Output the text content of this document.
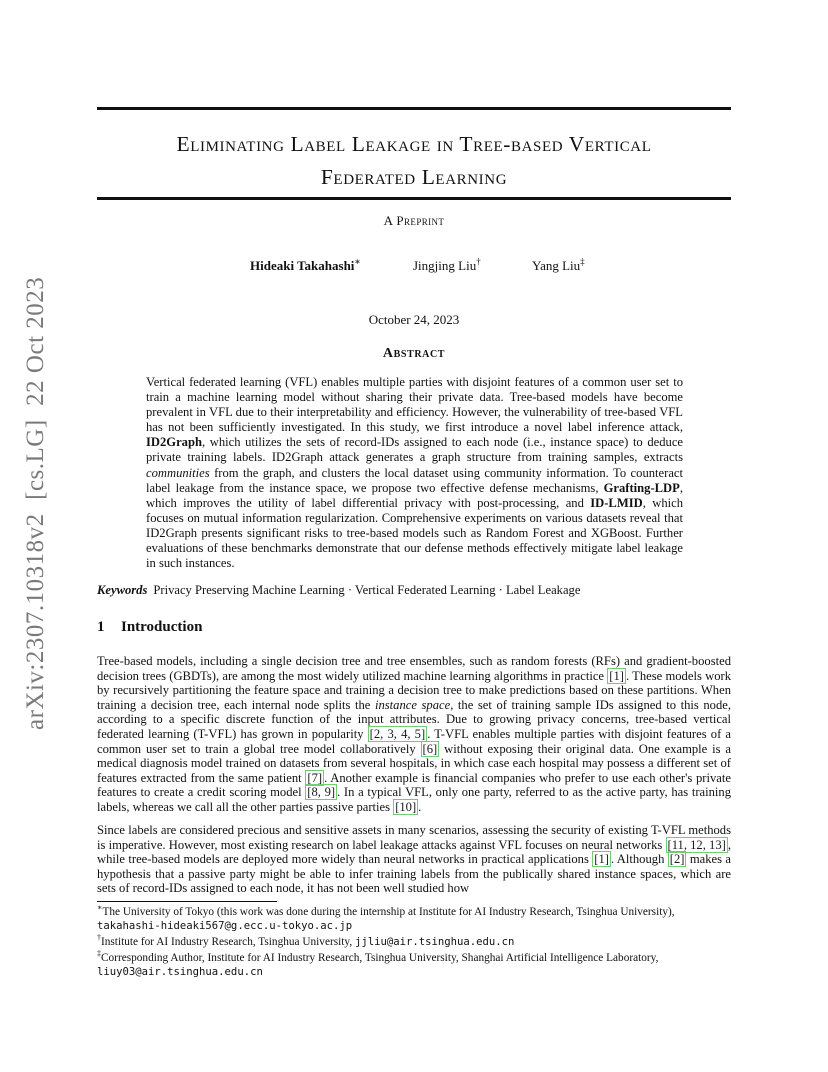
arXiv:2307.10318v2  [cs.LG]  22 Oct 2023
Eliminating Label Leakage in Tree-based Vertical
Federated Learning
A Preprint
Hideaki Takahashi∗	Jingjing Liu†	Yang Liu‡
October 24, 2023
Abstract
Vertical federated learning (VFL) enables multiple parties with disjoint features of a common user set to train a machine learning model without sharing their private data. Tree-based models have become prevalent in VFL due to their interpretability and efficiency. However, the vulnerability of tree-based VFL has not been sufficiently investigated. In this study, we first introduce a novel label inference attack, ID2Graph, which utilizes the sets of record-IDs assigned to each node (i.e., instance space) to deduce private training labels. ID2Graph attack generates a graph structure from training samples, extracts communities from the graph, and clusters the local dataset using community information. To counteract label leakage from the instance space, we propose two effective defense mechanisms, Grafting-LDP, which improves the utility of label differential privacy with post-processing, and ID-LMID, which focuses on mutual information regularization. Comprehensive experiments on various datasets reveal that ID2Graph presents significant risks to tree-based models such as Random Forest and XGBoost. Further evaluations of these benchmarks demonstrate that our defense methods effectively mitigate label leakage in such instances.
Keywords Privacy Preserving Machine Learning · Vertical Federated Learning · Label Leakage
1 Introduction
Tree-based models, including a single decision tree and tree ensembles, such as random forests (RFs) and gradient-boosted decision trees (GBDTs), are among the most widely utilized machine learning algorithms in practice [1] . These models work by recursively partitioning the feature space and training a decision tree to make predictions based on these partitions. When training a decision tree, each internal node splits the instance space, the set of training sample IDs assigned to this node, according to a specific discrete function of the input attributes. Due to growing privacy concerns, tree-based vertical federated learning (T-VFL) has grown in popularity [2, 3, 4, 5] . T-VFL enables multiple parties with disjoint features of a common user set to train a global tree model collaboratively [6] without exposing their original data. One example is a medical diagnosis model trained on datasets from several hospitals, in which case each hospital may possess a different set of features extracted from the same patient [7] . Another example is financial companies who prefer to use each other's private features to create a credit scoring model [8, 9] . In a typical VFL, only one party, referred to as the active party, has training labels, whereas we call all the other parties passive parties [10] .
Since labels are considered precious and sensitive assets in many scenarios, assessing the security of existing T-VFL methods is imperative. However, most existing research on label leakage attacks against VFL focuses on neural networks [11, 12, 13] , while tree-based models are deployed more widely than neural networks in practical applications [1] . Although [2] makes a hypothesis that a passive party might be able to infer training labels from the publically shared instance spaces, which are sets of record-IDs assigned to each node, it has not been well studied how

∗The University of Tokyo (this work was done during the internship at Institute for AI Industry Research, Tsinghua University),
takahashi-hideaki567@g.ecc.u-tokyo.ac.jp

†Institute for AI Industry Research, Tsinghua University, jjliu@air.tsinghua.edu.cn

‡Corresponding Author, Institute for AI Industry Research, Tsinghua University, Shanghai Artificial Intelligence Laboratory,
liuy03@air.tsinghua.edu.cn
